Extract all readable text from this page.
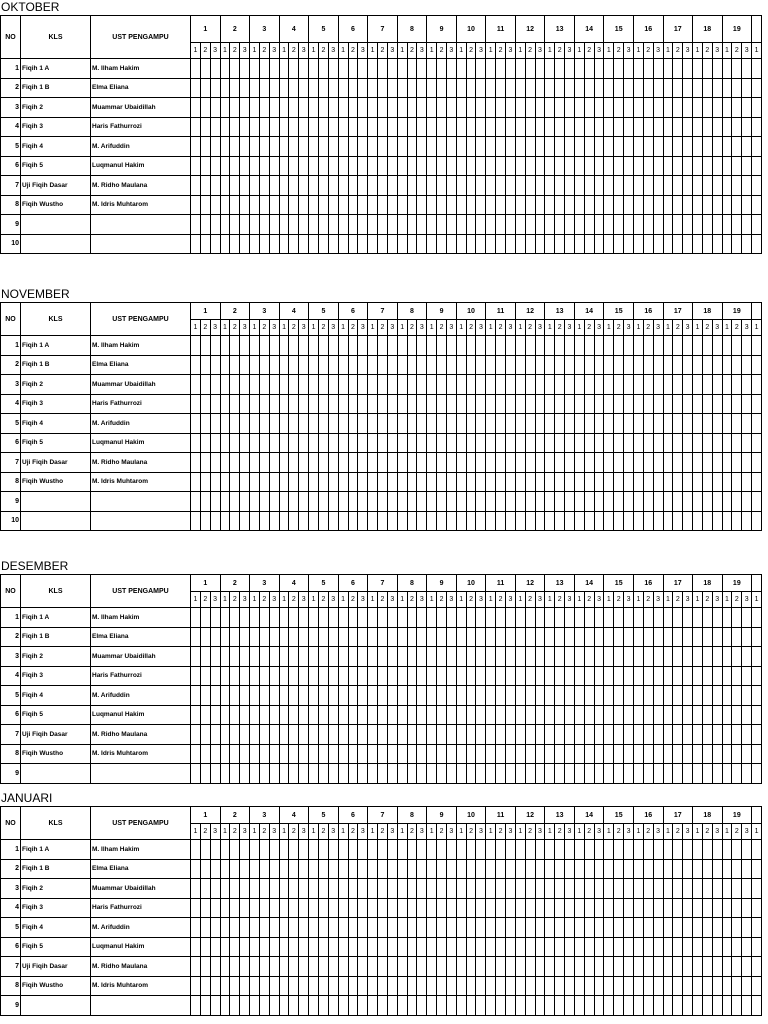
OKTOBER
NO	KLS	UST PENGAMPU	1			2			3			4			5			6			7			8			9			10			11			12			13			14			15			16			17			18			19			
			1	2	3	1	2	3	1	2	3	1	2	3	1	2	3	1	2	3	1	2	3	1	2	3	1	2	3	1	2	3	1	2	3	1	2	3	1	2	3	1	2	3	1	2	3	1	2	3	1	2	3	1	2	3	1	2	3	1
1	Fiqih 1 A	M. Ilham Hakim																																																										
2	Fiqih 1 B	Elma Eliana																																																										
3	Fiqih 2	Muammar Ubaidillah																																																										
4	Fiqih 3	Haris Fathurrozi																																																										
5	Fiqih 4	M. Arifuddin																																																										
6	Fiqih 5	Luqmanul Hakim																																																										
7	Uji Fiqih Dasar	M. Ridho Maulana																																																										
8	Fiqih Wustho	M. Idris Muhtarom																																																										
9																																																												
10																																																												
NOVEMBER
NO	KLS	UST PENGAMPU	1			2			3			4			5			6			7			8			9			10			11			12			13			14			15			16			17			18			19			
			1	2	3	1	2	3	1	2	3	1	2	3	1	2	3	1	2	3	1	2	3	1	2	3	1	2	3	1	2	3	1	2	3	1	2	3	1	2	3	1	2	3	1	2	3	1	2	3	1	2	3	1	2	3	1	2	3	1
1	Fiqih 1 A	M. Ilham Hakim																																																										
2	Fiqih 1 B	Elma Eliana																																																										
3	Fiqih 2	Muammar Ubaidillah																																																										
4	Fiqih 3	Haris Fathurrozi																																																										
5	Fiqih 4	M. Arifuddin																																																										
6	Fiqih 5	Luqmanul Hakim																																																										
7	Uji Fiqih Dasar	M. Ridho Maulana																																																										
8	Fiqih Wustho	M. Idris Muhtarom																																																										
9																																																												
10																																																												
DESEMBER
NO	KLS	UST PENGAMPU	1			2			3			4			5			6			7			8			9			10			11			12			13			14			15			16			17			18			19			
			1	2	3	1	2	3	1	2	3	1	2	3	1	2	3	1	2	3	1	2	3	1	2	3	1	2	3	1	2	3	1	2	3	1	2	3	1	2	3	1	2	3	1	2	3	1	2	3	1	2	3	1	2	3	1	2	3	1
1	Fiqih 1 A	M. Ilham Hakim																																																										
2	Fiqih 1 B	Elma Eliana																																																										
3	Fiqih 2	Muammar Ubaidillah																																																										
4	Fiqih 3	Haris Fathurrozi																																																										
5	Fiqih 4	M. Arifuddin																																																										
6	Fiqih 5	Luqmanul Hakim																																																										
7	Uji Fiqih Dasar	M. Ridho Maulana																																																										
8	Fiqih Wustho	M. Idris Muhtarom																																																										
9																																																												
JANUARI
NO	KLS	UST PENGAMPU	1			2			3			4			5			6			7			8			9			10			11			12			13			14			15			16			17			18			19			
			1	2	3	1	2	3	1	2	3	1	2	3	1	2	3	1	2	3	1	2	3	1	2	3	1	2	3	1	2	3	1	2	3	1	2	3	1	2	3	1	2	3	1	2	3	1	2	3	1	2	3	1	2	3	1	2	3	1
1	Fiqih 1 A	M. Ilham Hakim																																																										
2	Fiqih 1 B	Elma Eliana																																																										
3	Fiqih 2	Muammar Ubaidillah																																																										
4	Fiqih 3	Haris Fathurrozi																																																										
5	Fiqih 4	M. Arifuddin																																																										
6	Fiqih 5	Luqmanul Hakim																																																										
7	Uji Fiqih Dasar	M. Ridho Maulana																																																										
8	Fiqih Wustho	M. Idris Muhtarom																																																										
9																																																												
